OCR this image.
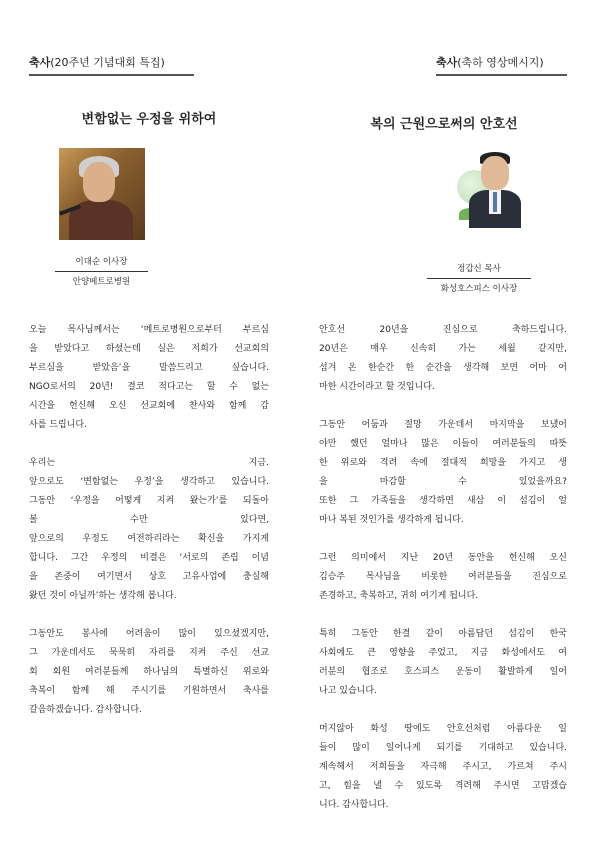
축사(20주년 기념대회 특집)
변함없는 우정을 위하여
이대순 이사장
안양메트로병원
오늘 목사님께서는 ‘메트로병원으로부터 부르심
을 받았다고 하셨는데 실은 저희가 선교회의
부르심을 받았음’을 말씀드리고 싶습니다.
NGO로서의 20년! 결코 적다고는 할 수 없는
시간을 헌신해 오신 선교회에 찬사와 함께 감
사를 드립니다.
우리는 지금.
앞으로도 ‘변함없는 우정’을 생각하고 있습니다.
그동안 ‘우정을 어떻게 지켜 왔는가’를 되돌아
볼 수만 있다면,
앞으로의 우정도 여전하리라는 확신을 가지게
합니다. 그간 우정의 비결은 ‘서로의 존립 이념
을 존중이 여기면서 상호 고유사업에 충실해
왔던 것이 아닐까’하는 생각해 봅니다.
그동안도 봉사에 어려움이 많이 있으셨겠지만,
그 가운데서도 묵묵히 자리를 지켜 주신 선교
회 회원 여러분들께 하나님의 특별하신 위로와
축복이 함께 해 주시기를 기원하면서 축사를
갈음하겠습니다. 감사합니다.
축사(축하 영상메시지)
복의 근원으로써의 안호선
정갑신 목사
화성호스피스 이사장
안호선 20년을 진심으로 축하드립니다.
20년은 매우 신속히 가는 세월 같지만,
섬겨 온 한순간 한 순간을 생각해 보면 어마 어
마한 시간이라고 할 것입니다.
그동안 어둠과 절망 가운데서 마지막을 보냈어
야만 했던 얼마나 많은 이들이 여러분들의 따뜻
한 위로와 격려 속에 절대적 희망을 가지고 생
을 마감할 수 있었을까요?
또한 그 가족들을 생각하면 새삼 이 섬김이 얼
마나 복된 것인가를 생각하게 됩니다.
그런 의미에서 지난 20년 동안을 헌신해 오신
김승주 목사님을 비롯한 여러분들을 진심으로
존경하고, 축복하고, 귀히 여기게 됩니다.
특히 그동안 한결 같이 아름답던 섬김이 한국
사회에도 큰 영향을 주었고, 지금 화성에서도 여
러분의 협조로 호스피스 운동이 활발하게 일어
나고 있습니다.
머지않아 화성 땅에도 안호선처럼 아름다운 일
들이 많이 일어나게 되기를 기대하고 있습니다.
계속해서 저희들을 자극해 주시고, 가르쳐 주시
고, 힘을 낼 수 있도록 격려해 주시면 고맙겠습
니다. 감사합니다.
